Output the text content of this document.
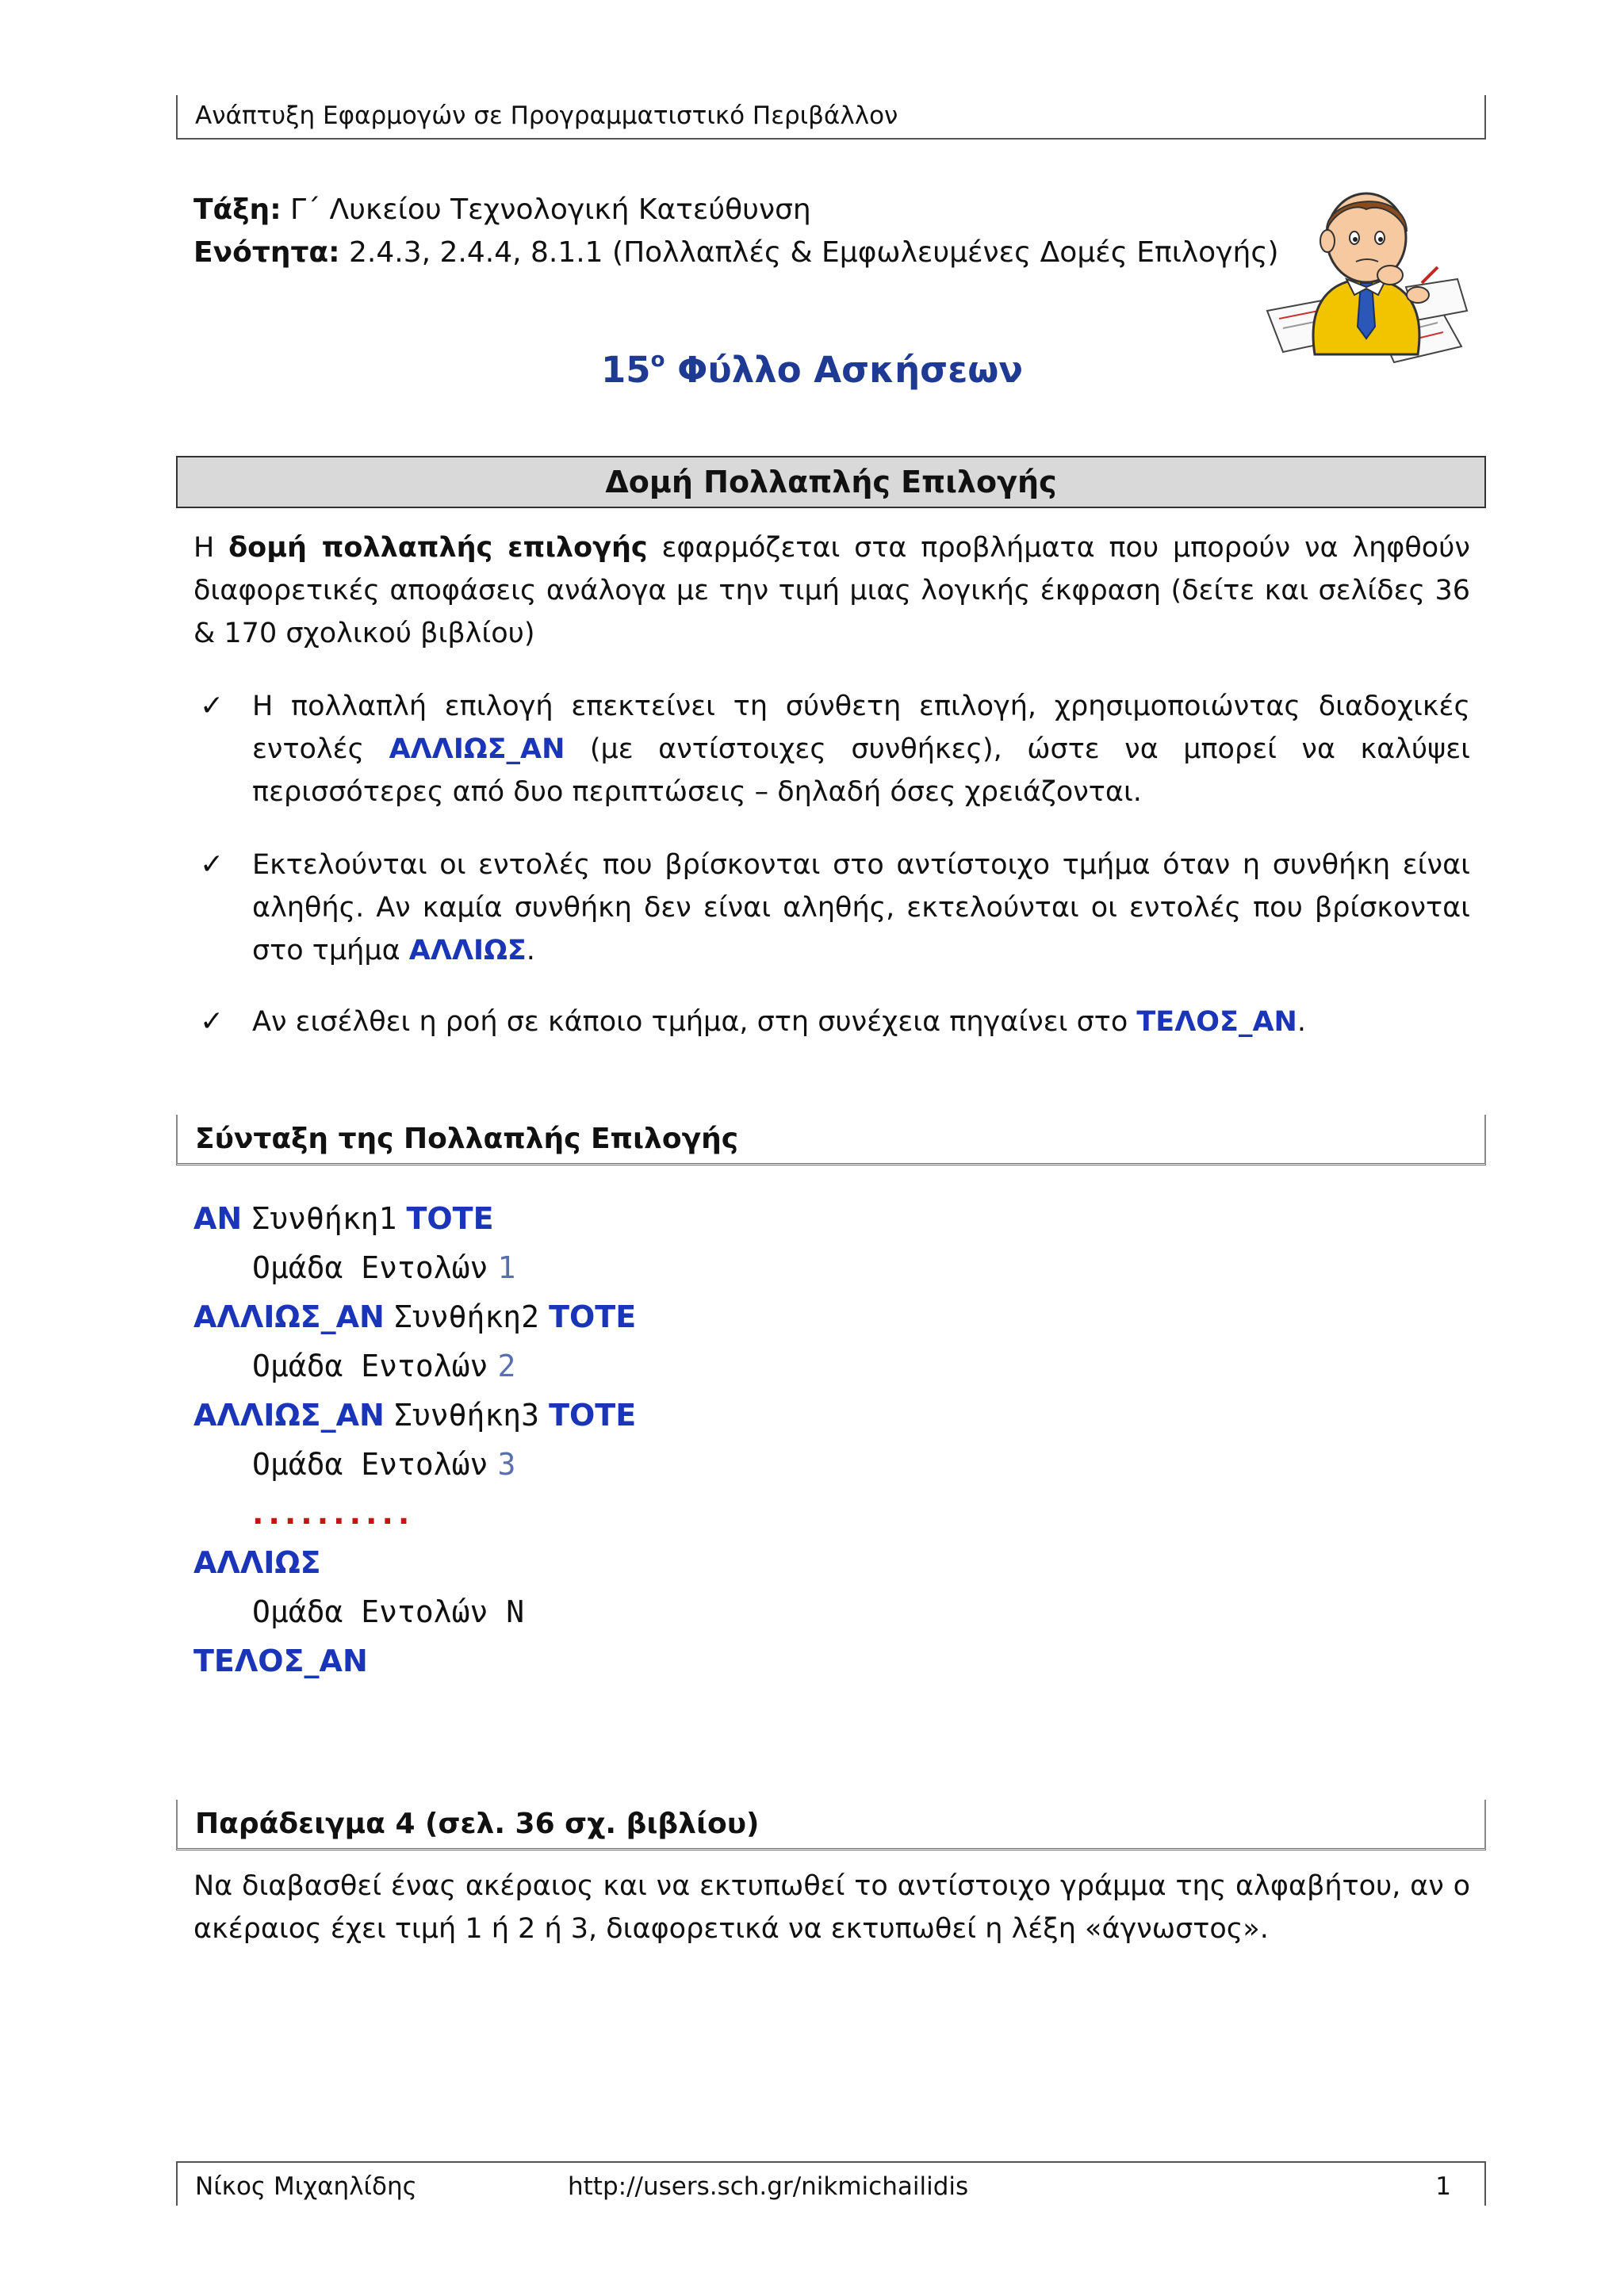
Ανάπτυξη Εφαρμογών σε Προγραμματιστικό Περιβάλλον
Τάξη: Γ΄ Λυκείου Τεχνολογική Κατεύθυνση
Ενότητα: 2.4.3, 2.4.4, 8.1.1 (Πολλαπλές & Εμφωλευμένες Δομές Επιλογής)
$15^o$ Φύλλο Ασκήσεων
Δομή Πολλαπλής Επιλογής
Η δομή πολλαπλής επιλογής εφαρμόζεται στα προβλήματα που μπορούν να ληφθούν διαφορετικές αποφάσεις ανάλογα με την τιμή μιας λογικής έκφραση (δείτε και σελίδες 36 & 170 σχολικού βιβλίου)
✓ Η πολλαπλή επιλογή επεκτείνει τη σύνθετη επιλογή, χρησιμοποιώντας διαδοχικές εντολές ΑΛΛΙΩΣ_ΑΝ (με αντίστοιχες συνθήκες), ώστε να μπορεί να καλύψει περισσότερες από δυο περιπτώσεις – δηλαδή όσες χρειάζονται.
✓ Εκτελούνται οι εντολές που βρίσκονται στο αντίστοιχο τμήμα όταν η συνθήκη είναι αληθής. Αν καμία συνθήκη δεν είναι αληθής, εκτελούνται οι εντολές που βρίσκονται στο τμήμα ΑΛΛΙΩΣ.
✓ Αν εισέλθει η ροή σε κάποιο τμήμα, στη συνέχεια πηγαίνει στο ΤΕΛΟΣ_ΑΝ.
Σύνταξη της Πολλαπλής Επιλογής
ΑΝ Συνθήκη1 ΤΟΤΕ
Ομάδα Εντολών 1
ΑΛΛΙΩΣ_ΑΝ Συνθήκη2 ΤΟΤΕ
Ομάδα Εντολών 2
ΑΛΛΙΩΣ_ΑΝ Συνθήκη3 ΤΟΤΕ
Ομάδα Εντολών 3
..........
ΑΛΛΙΩΣ
Ομάδα Εντολών Ν
ΤΕΛΟΣ_ΑΝ
Παράδειγμα 4 (σελ. 36 σχ. βιβλίου)
Να διαβασθεί ένας ακέραιος και να εκτυπωθεί το αντίστοιχο γράμμα της αλφαβήτου, αν ο ακέραιος έχει τιμή 1 ή 2 ή 3, διαφορετικά να εκτυπωθεί η λέξη «άγνωστος».
Νίκος Μιχαηλίδης	http://users.sch.gr/nikmichailidis	1
